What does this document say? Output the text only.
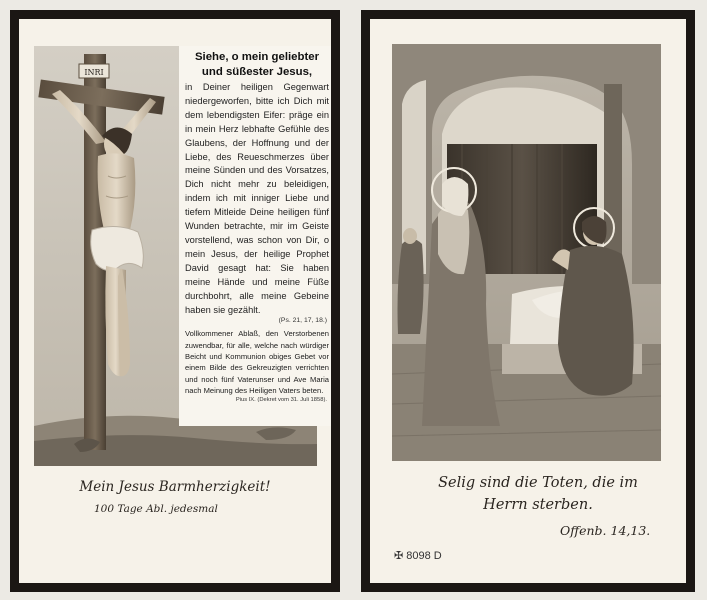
INRI

Siehe, o mein geliebter und süßester Jesus,

in Deiner heiligen Gegenwart niedergeworfen, bitte ich Dich mit dem lebendigsten Eifer: präge ein in mein Herz lebhafte Gefühle des Glaubens, der Hoffnung und der Liebe, des Reueschmerzes über meine Sünden und des Vorsatzes, Dich nicht mehr zu beleidigen, indem ich mit inniger Liebe und tiefem Mitleide Deine heiligen fünf Wunden betrachte, mir im Geiste vorstellend, was schon von Dir, o mein Jesus, der heilige Prophet David gesagt hat: Sie haben meine Hände und meine Füße durchbohrt, alle meine Gebeine haben sie gezählt.

(Ps. 21, 17, 18.)

Vollkommener Ablaß, den Verstorbenen zuwendbar, für alle, welche nach würdiger Beicht und Kommunion obiges Gebet vor einem Bilde des Gekreuzigten verrichten und noch fünf Vaterunser und Ave Maria nach Meinung des Heiligen Vaters beten.

Pius IX. (Dekret vom 31. Juli 1858).

Mein Jesus Barmherzigkeit!
100 Tage Abl. jedesmal
Selig sind die Toten, die im
Herrn sterben.
Offenb. 14,13.
✠ 8098 D
